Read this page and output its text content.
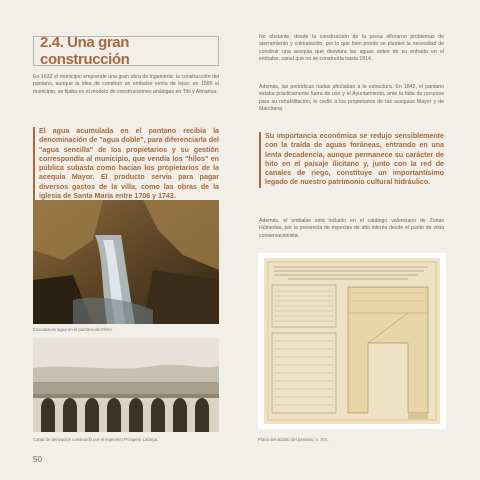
2.4. Una gran construcción
En 1632 el municipio emprende una gran obra de ingeniería: la construcción del pantano, aunque la idea de construir un embalse venía de lejos: en 1589 el municipio, se fijaba en el modelo de construcciones análogas en Tibi y Almansa.
El agua acumulada en el pantano recibía la denominación de "agua doble", para diferenciarla del "agua sencilla" de los propietarios y su gestión correspondía al municipio, que vendía los "hilos" en pública subasta como hacían los propietarios de la acequia Mayor. El producto servía para pagar diversos gastos de la villa, como las obras de la iglesia de Santa María entre 1706 y 1743.
Cascada de agua en el pantano de Elche.
Canal de derivación construido por el ingeniero Próspero Lafarga.
No obstante, desde la construcción de la presa afloraron problemas de aterramiento y colmatación, por lo que bien pronto se planteó la necesidad de construir una acequia que desviara las aguas antes de su entrada en el embalse, canal que no se construiría hasta 1914.
Además, las periódicas riadas afectaban a la estructura. En 1842, el pantano estaba prácticamente fuera de uso y el Ayuntamiento, ante la falta de recursos para su rehabilitación, lo cedió a los propietarios de las acequias Mayor y de Marchena.
Su importancia económica se redujo sensiblemente con la traída de aguas foráneas, entrando en una lenta decadencia, aunque permanece su carácter de hito en el paisaje ilicitano y, junto con la red de canales de riego, constituye un importantísimo legado de nuestro patrimonio cultural hidráulico.
Además, el embalse está incluido en el catálogo valenciano de Zonas Húmedas, por la presencia de especies de alto interés desde el punto de vista conservacionista.
Plano del alzado del pantano, s. XIX.
50
